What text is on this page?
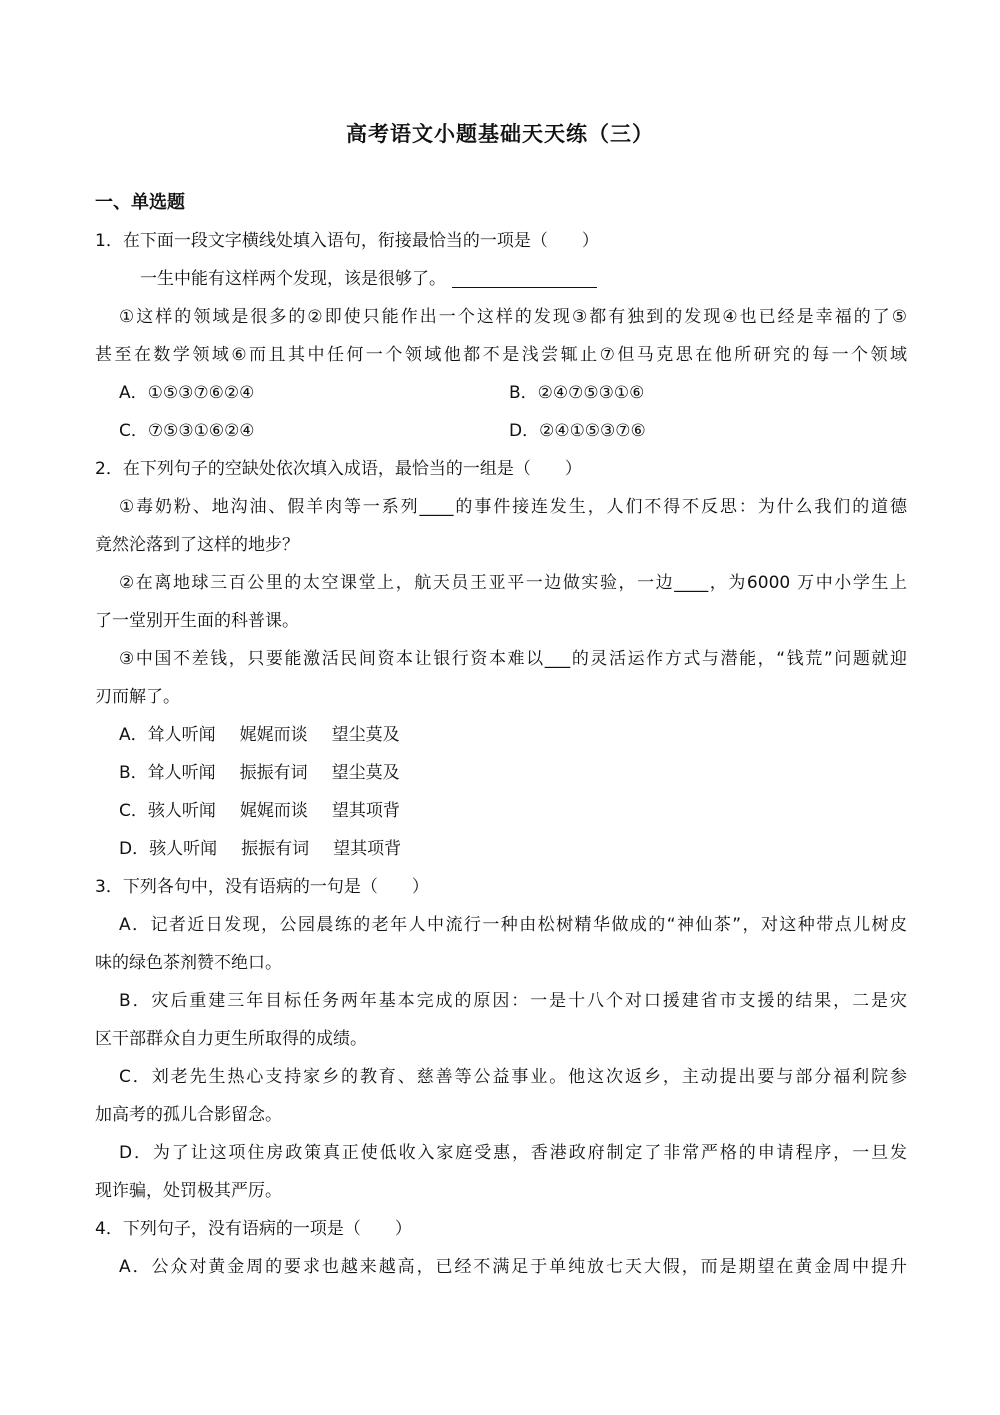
高考语文小题基础天天练（三）
一、单选题
1．在下面一段文字横线处填入语句，衔接最恰当的一项是（　　）
一生中能有这样两个发现，该是很够了。
①这样的领域是很多的②即使只能作出一个这样的发现③都有独到的发现④也已经是幸福的了⑤
甚至在数学领域⑥而且其中任何一个领域他都不是浅尝辄止⑦但马克思在他所研究的每一个领域
A．①⑤③⑦⑥②④	B．②④⑦⑤③①⑥
C．⑦⑤③①⑥②④	D．②④①⑤③⑦⑥
2．在下列句子的空缺处依次填入成语，最恰当的一组是（　　）
①毒奶粉、地沟油、假羊肉等一系列____的事件接连发生，人们不得不反思：为什么我们的道德
竟然沦落到了这样的地步？
②在离地球三百公里的太空课堂上，航天员王亚平一边做实验，一边____，为6000 万中小学生上
了一堂别开生面的科普课。
③中国不差钱，只要能激活民间资本让银行资本难以___的灵活运作方式与潜能，“钱荒”问题就迎
刃而解了。
A．耸人听闻 娓娓而谈 望尘莫及
B．耸人听闻 振振有词 望尘莫及
C．骇人听闻 娓娓而谈 望其项背
D．骇人听闻 振振有词 望其项背
3．下列各句中，没有语病的一句是（　　）
A．记者近日发现，公园晨练的老年人中流行一种由松树精华做成的“神仙茶”，对这种带点儿树皮
味的绿色茶剂赞不绝口。
B．灾后重建三年目标任务两年基本完成的原因：一是十八个对口援建省市支援的结果，二是灾
区干部群众自力更生所取得的成绩。
C．刘老先生热心支持家乡的教育、慈善等公益事业。他这次返乡，主动提出要与部分福利院参
加高考的孤儿合影留念。
D．为了让这项住房政策真正使低收入家庭受惠，香港政府制定了非常严格的申请程序，一旦发
现诈骗，处罚极其严厉。
4．下列句子，没有语病的一项是（　　）
A．公众对黄金周的要求也越来越高，已经不满足于单纯放七天大假，而是期望在黄金周中提升
